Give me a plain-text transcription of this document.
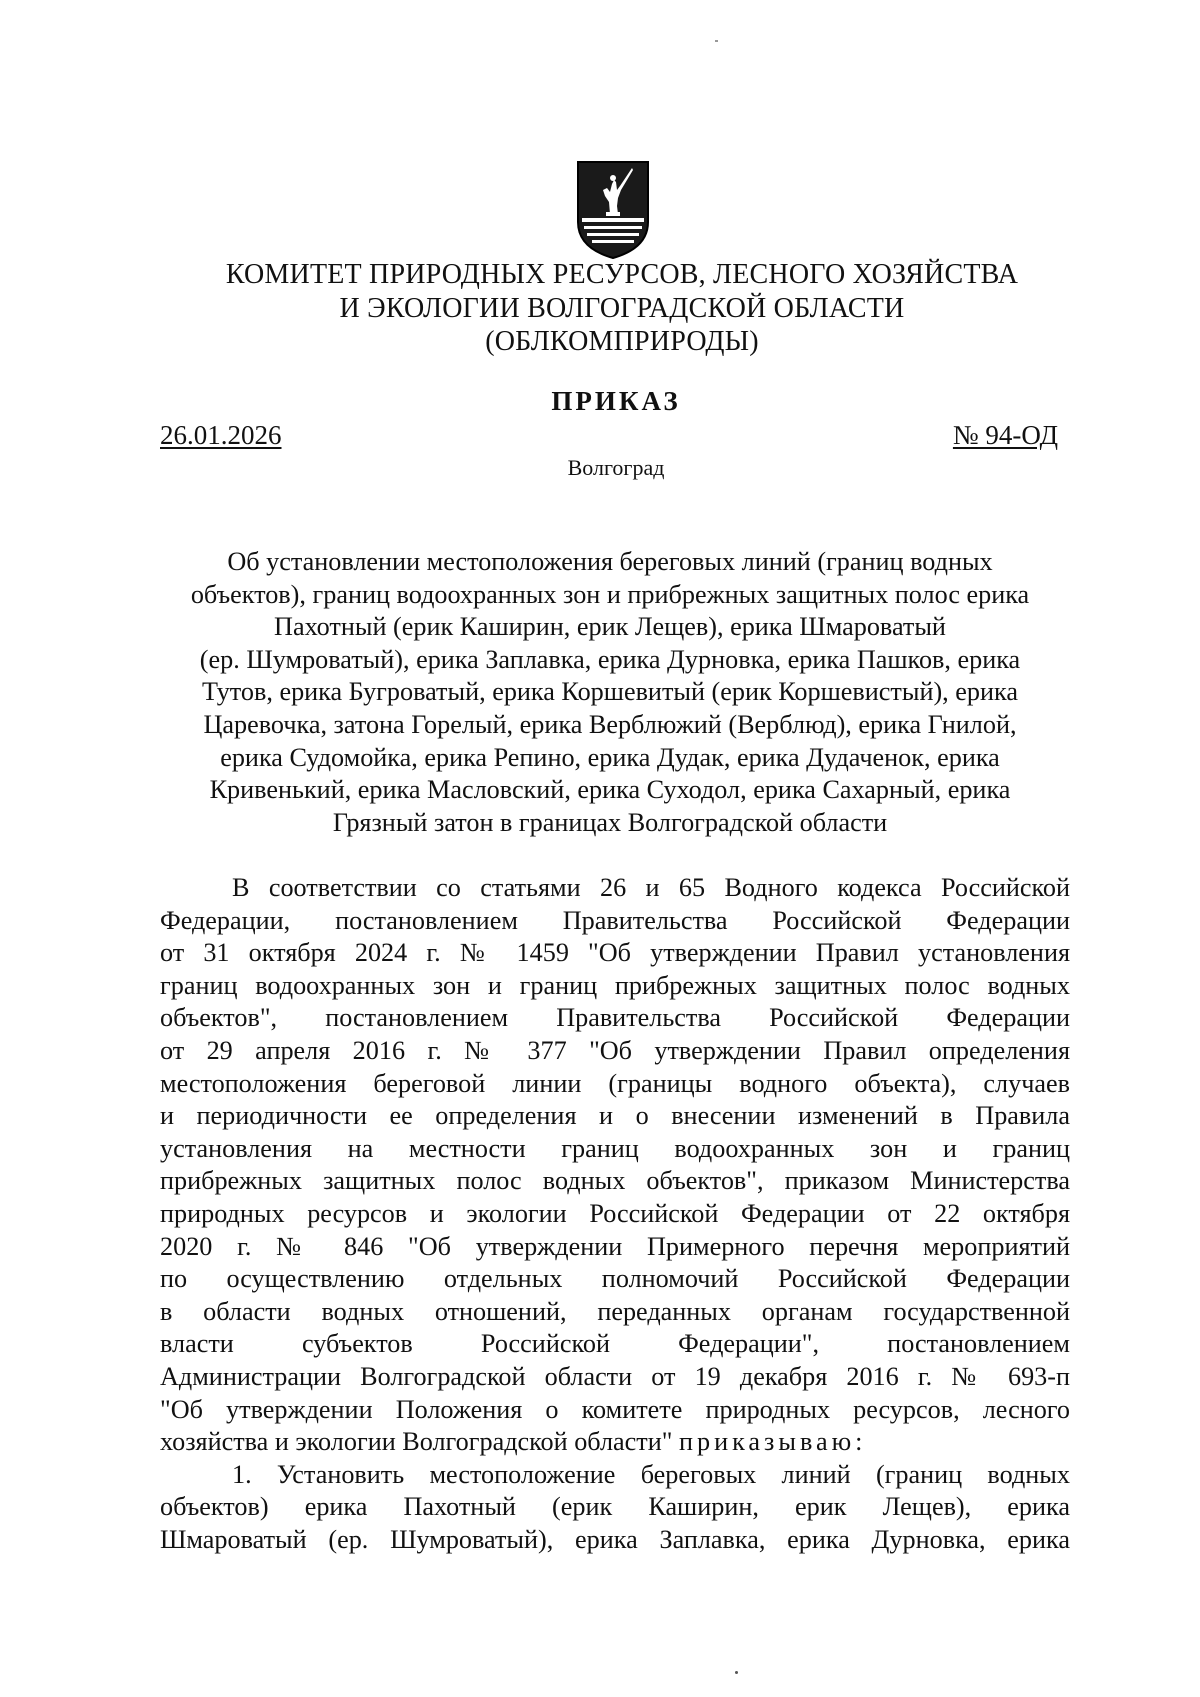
КОМИТЕТ ПРИРОДНЫХ РЕСУРСОВ, ЛЕСНОГО ХОЗЯЙСТВА
И ЭКОЛОГИИ ВОЛГОГРАДСКОЙ ОБЛАСТИ
(ОБЛКОМПРИРОДЫ)
ПРИКАЗ
26.01.2026	№ 94-ОД
Волгоград
Об установлении местоположения береговых линий (границ водных
объектов), границ водоохранных зон и прибрежных защитных полос ерика
Пахотный (ерик Каширин, ерик Лещев), ерика Шмароватый
(ер. Шумроватый), ерика Заплавка, ерика Дурновка, ерика Пашков, ерика
Тутов, ерика Бугроватый, ерика Коршевитый (ерик Коршевистый), ерика
Царевочка, затона Горелый, ерика Верблюжий (Верблюд), ерика Гнилой,
ерика Судомойка, ерика Репино, ерика Дудак, ерика Дудаченок, ерика
Кривенький, ерика Масловский, ерика Суходол, ерика Сахарный, ерика
Грязный затон в границах Волгоградской области
В соответствии со статьями 26 и 65 Водного кодекса Российской
Федерации, постановлением Правительства Российской Федерации
от 31 октября 2024 г. № 1459 "Об утверждении Правил установления
границ водоохранных зон и границ прибрежных защитных полос водных
объектов", постановлением Правительства Российской Федерации
от 29 апреля 2016 г. № 377 "Об утверждении Правил определения
местоположения береговой линии (границы водного объекта), случаев
и периодичности ее определения и о внесении изменений в Правила
установления на местности границ водоохранных зон и границ
прибрежных защитных полос водных объектов", приказом Министерства
природных ресурсов и экологии Российской Федерации от 22 октября
2020 г. № 846 "Об утверждении Примерного перечня мероприятий
по осуществлению отдельных полномочий Российской Федерации
в области водных отношений, переданных органам государственной
власти субъектов Российской Федерации", постановлением
Администрации Волгоградской области от 19 декабря 2016 г. № 693-п
"Об утверждении Положения о комитете природных ресурсов, лесного
хозяйства и экологии Волгоградской области" приказываю:
1. Установить местоположение береговых линий (границ водных
объектов) ерика Пахотный (ерик Каширин, ерик Лещев), ерика
Шмароватый (ер. Шумроватый), ерика Заплавка, ерика Дурновка, ерика
